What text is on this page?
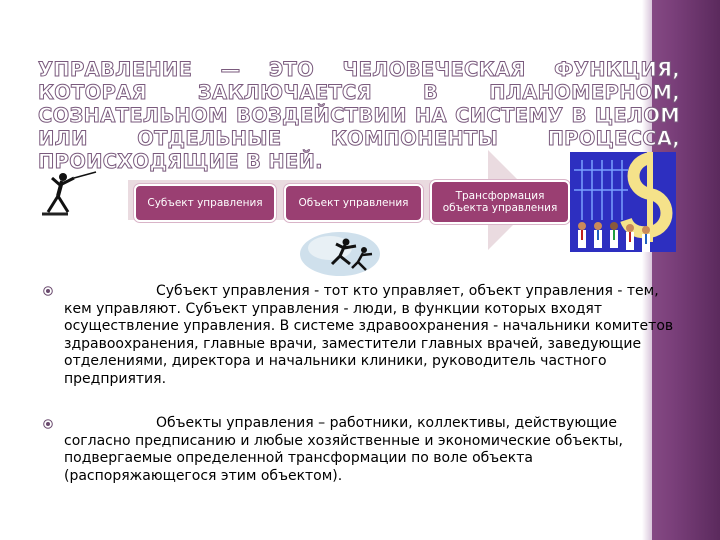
УПРАВЛЕНИЕ — ЭТО ЧЕЛОВЕЧЕСКАЯ ФУНКЦИЯ, КОТОРАЯ ЗАКЛЮЧАЕТСЯ В ПЛАНОМЕРНОМ, СОЗНАТЕЛЬНОМ ВОЗДЕЙСТВИИ НА СИСТЕМУ В ЦЕЛОМ ИЛИ ОТДЕЛЬНЫЕ КОМПОНЕНТЫ ПРОЦЕССА, ПРОИСХОДЯЩИЕ В НЕЙ.
Субъект управления	Объект управления
Трансформация объекта управления
Субъект управления - тот кто управляет, объект управления - тем, кем управляют. Субъект управления - люди, в функции которых входят осуществление управления. В системе здравоохранения - начальники комитетов здравоохранения, главные врачи, заместители главных врачей, заведующие отделениями, директора и начальники клиники, руководитель частного предприятия.
Объекты управления – работники, коллективы, действующие согласно предписанию и любые хозяйственные и экономические объекты, подвергаемые определенной трансформации по воле объекта (распоряжающегося этим объектом).
